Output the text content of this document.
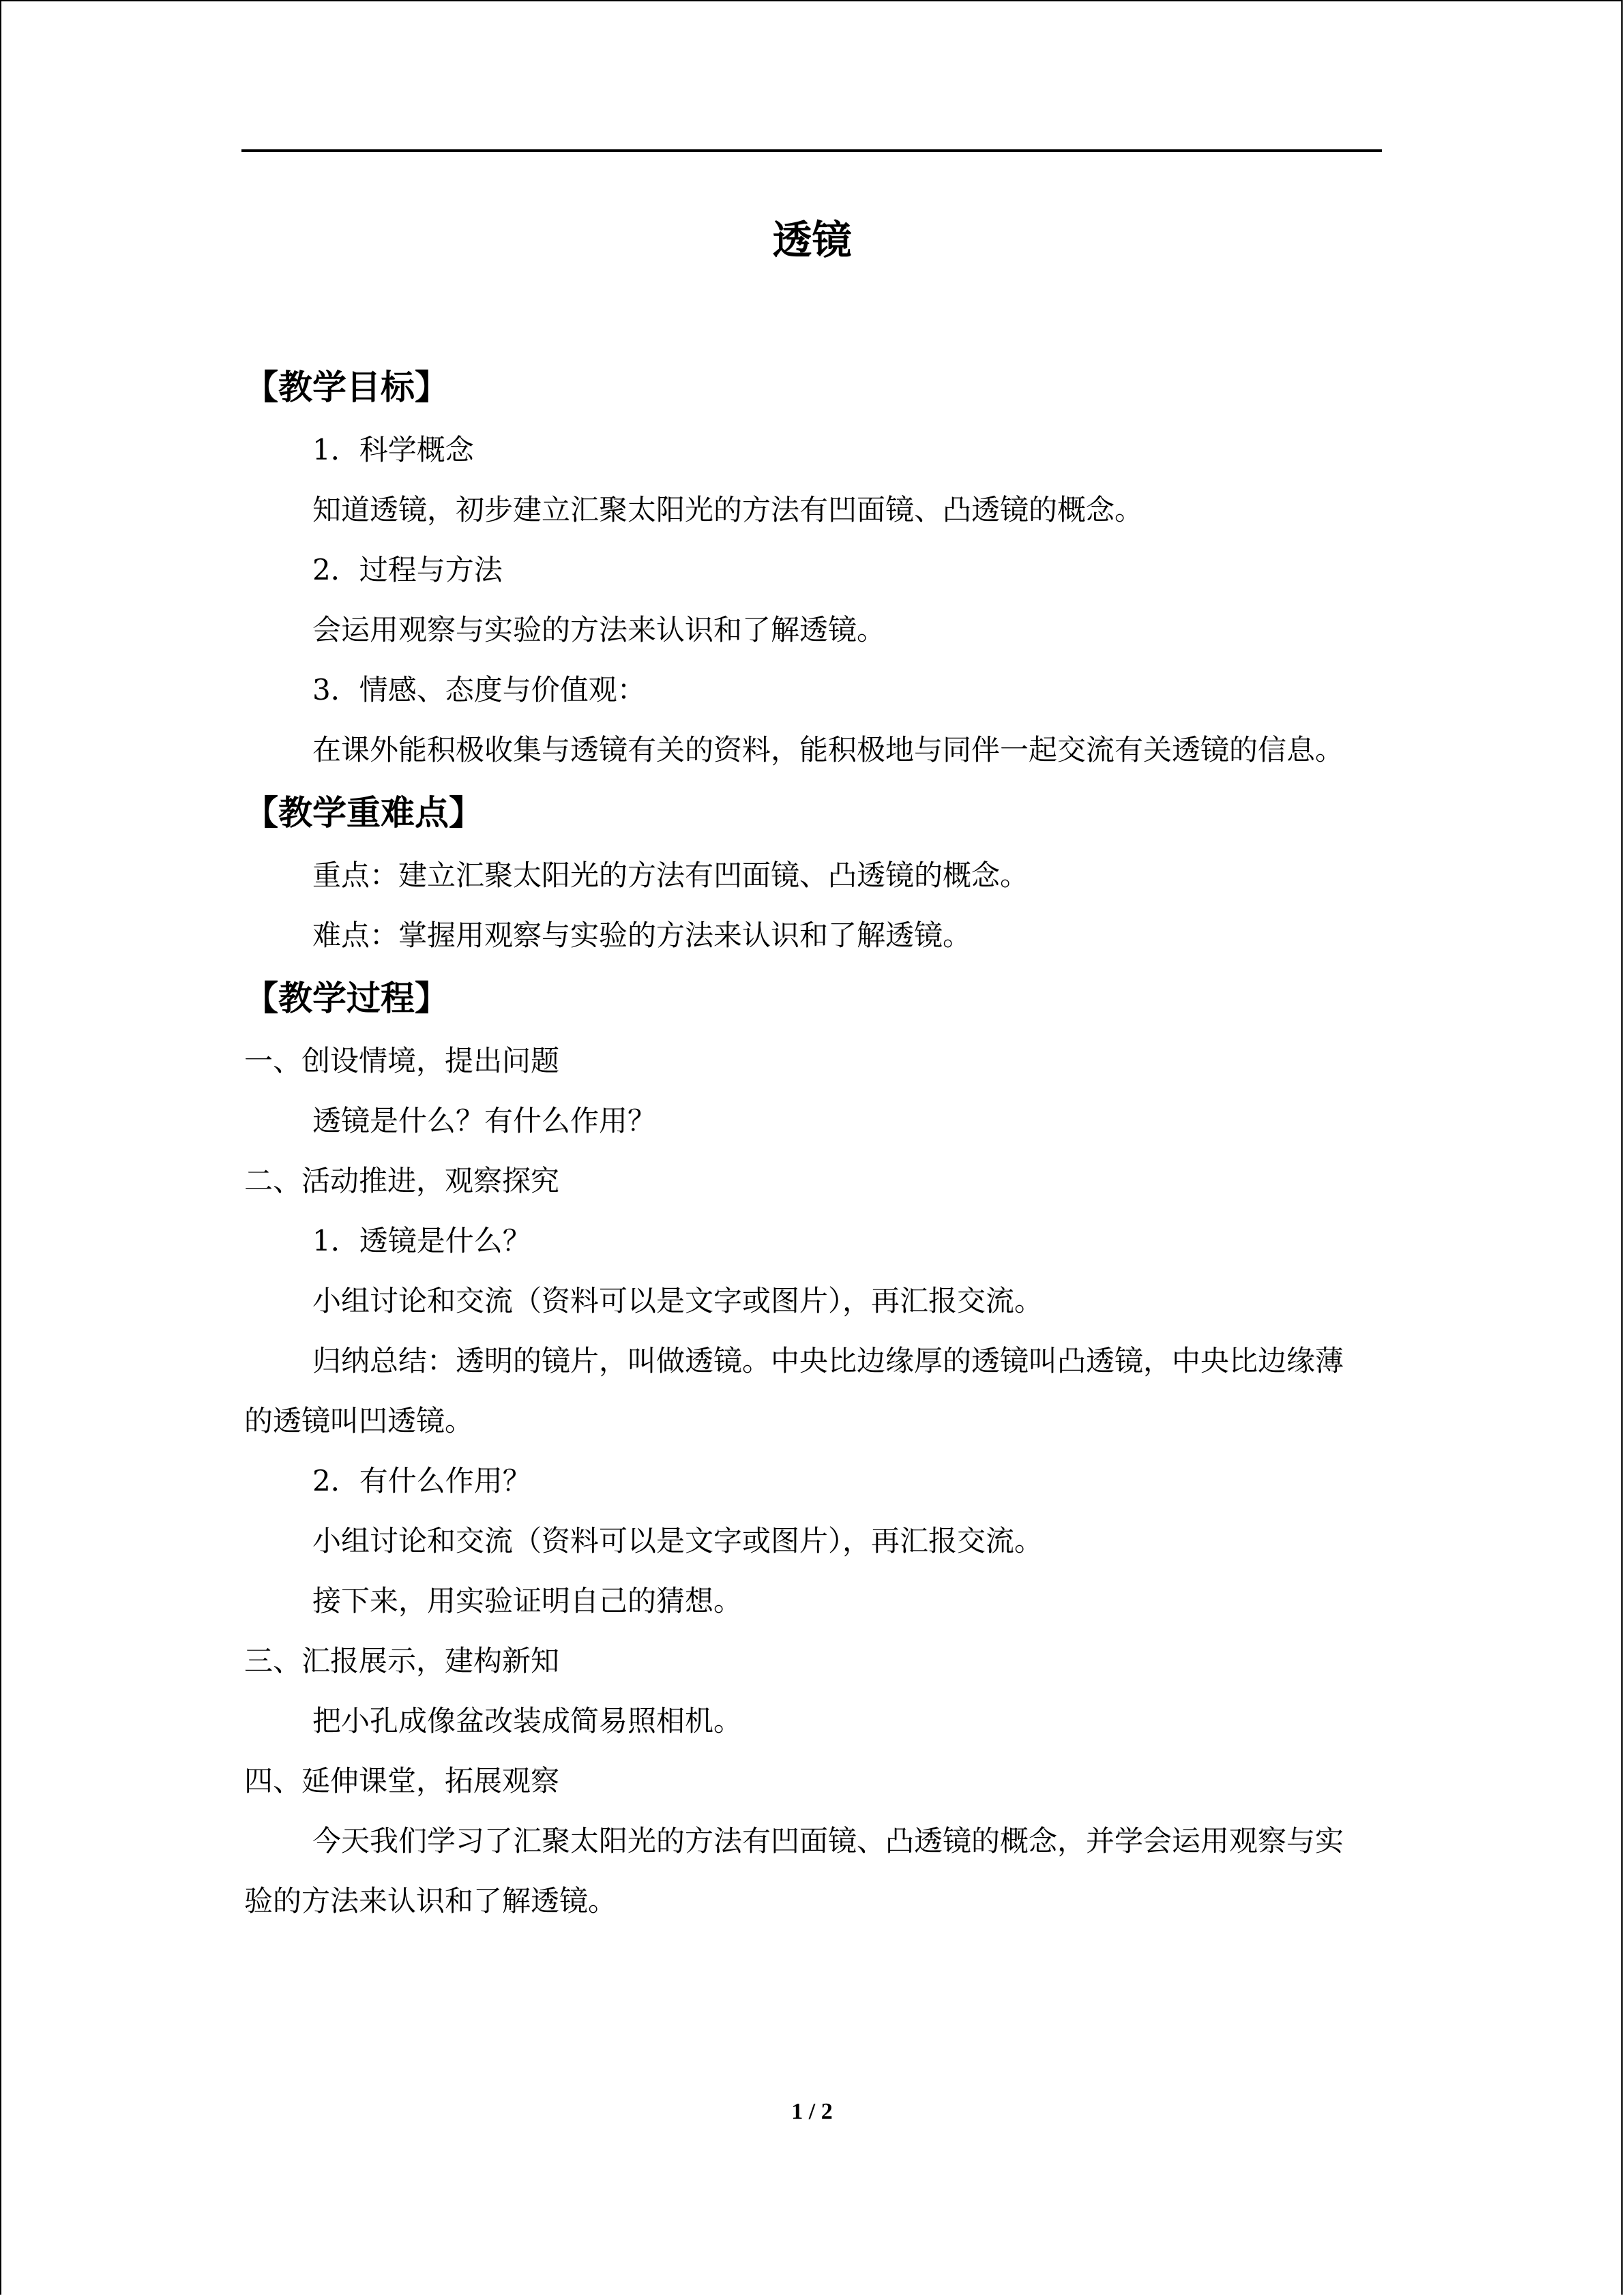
透镜
【教学目标】
1．科学概念
知道透镜，初步建立汇聚太阳光的方法有凹面镜、凸透镜的概念。
2．过程与方法
会运用观察与实验的方法来认识和了解透镜。
3．情感、态度与价值观：
在课外能积极收集与透镜有关的资料，能积极地与同伴一起交流有关透镜的信息。
【教学重难点】
重点：建立汇聚太阳光的方法有凹面镜、凸透镜的概念。
难点：掌握用观察与实验的方法来认识和了解透镜。
【教学过程】
一、创设情境，提出问题
透镜是什么？有什么作用？
二、活动推进，观察探究
1．透镜是什么？
小组讨论和交流（资料可以是文字或图片），再汇报交流。
归纳总结：透明的镜片，叫做透镜。中央比边缘厚的透镜叫凸透镜，中央比边缘薄的透镜叫凹透镜。
2．有什么作用？
小组讨论和交流（资料可以是文字或图片），再汇报交流。
接下来，用实验证明自己的猜想。
三、汇报展示，建构新知
把小孔成像盆改装成简易照相机。
四、延伸课堂，拓展观察
今天我们学习了汇聚太阳光的方法有凹面镜、凸透镜的概念，并学会运用观察与实验的方法来认识和了解透镜。
1 / 2
